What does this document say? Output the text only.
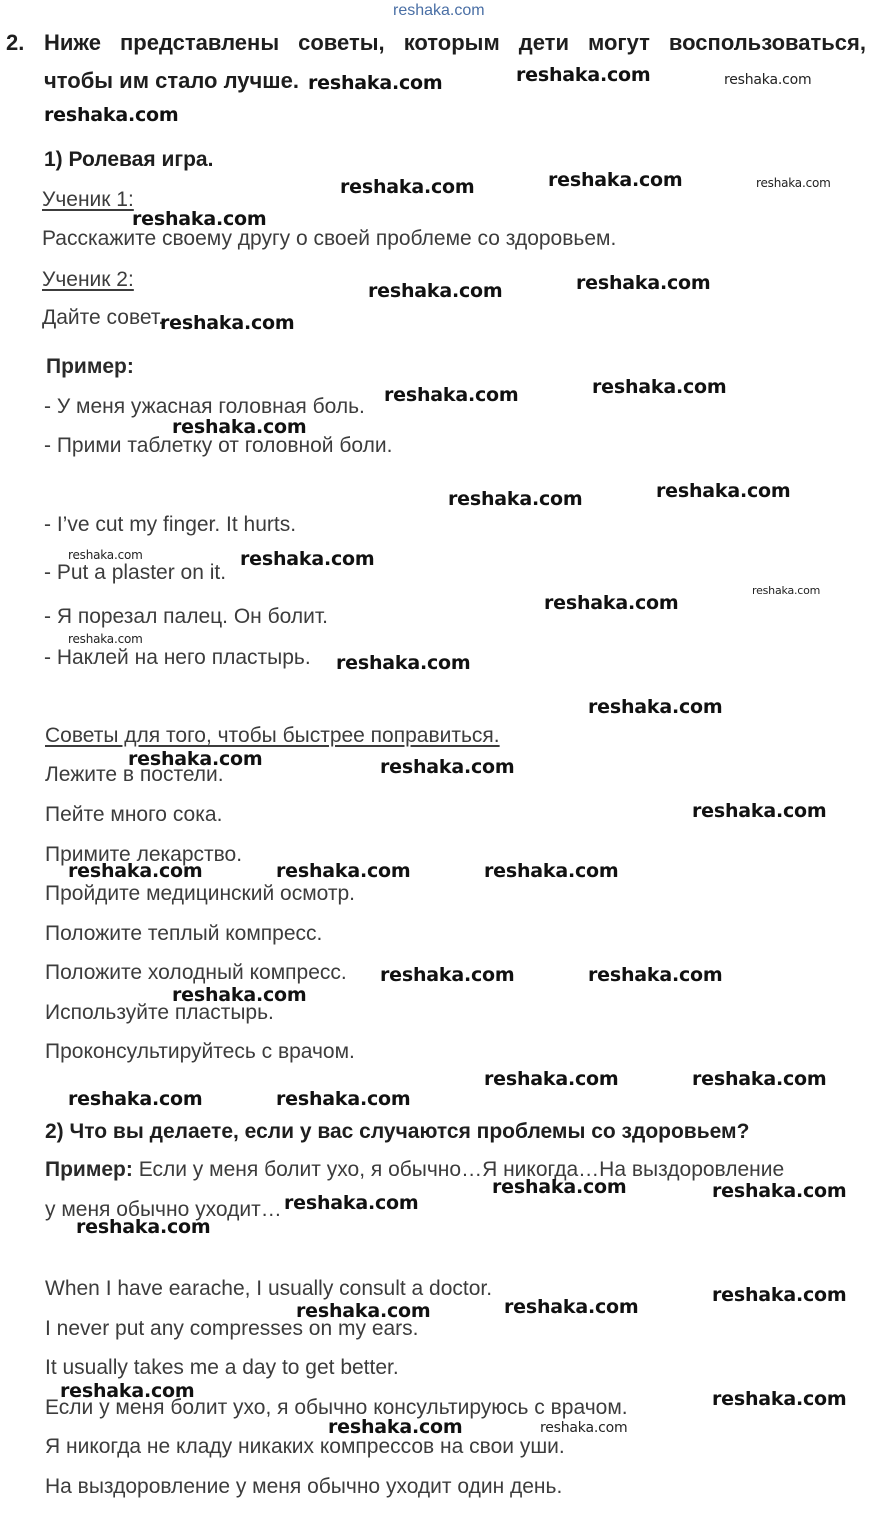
reshaka.com
2. Ниже представлены советы, которым дети могут воспользоваться,
чтобы им стало лучше.
1) Ролевая игра.
Ученик 1:
Расскажите своему другу о своей проблеме со здоровьем.
Ученик 2:
Дайте совет.
Пример:
- У меня ужасная головная боль.
- Прими таблетку от головной боли.
- I’ve cut my finger. It hurts.
- Put a plaster on it.
- Я порезал палец. Он болит.
- Наклей на него пластырь.
Советы для того, чтобы быстрее поправиться.
Лежите в постели.
Пейте много сока.
Примите лекарство.
Пройдите медицинский осмотр.
Положите теплый компресс.
Положите холодный компресс.
Используйте пластырь.
Проконсультируйтесь с врачом.
2) Что вы делаете, если у вас случаются проблемы со здоровьем?
Пример: Если у меня болит ухо, я обычно…Я никогда…На выздоровление
у меня обычно уходит…
When I have earache, I usually consult a doctor.
I never put any compresses on my ears.
It usually takes me a day to get better.
Если у меня болит ухо, я обычно консультируюсь с врачом.
Я никогда не кладу никаких компрессов на свои уши.
На выздоровление у меня обычно уходит один день.
reshaka.com	reshaka.com	reshaka.com
reshaka.com
reshaka.com	reshaka.com	reshaka.com
reshaka.com
reshaka.com	reshaka.com
reshaka.com
reshaka.com	reshaka.com
reshaka.com
reshaka.com	reshaka.com
reshaka.com	reshaka.com
reshaka.com
reshaka.com
reshaka.com
reshaka.com
reshaka.com
reshaka.com	reshaka.com
reshaka.com
reshaka.com	reshaka.com	reshaka.com
reshaka.com	reshaka.com
reshaka.com
reshaka.com	reshaka.com
reshaka.com	reshaka.com
reshaka.com	reshaka.com
reshaka.com
reshaka.com
reshaka.com
reshaka.com
reshaka.com
reshaka.com	reshaka.com
reshaka.com	reshaka.com
